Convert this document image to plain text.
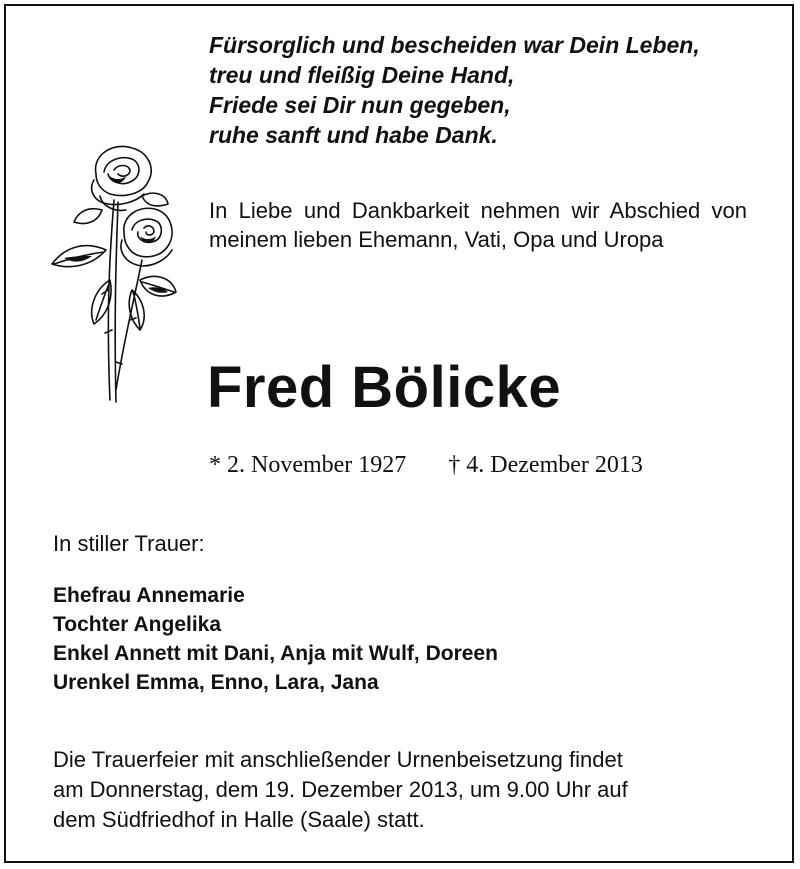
Fürsorglich und bescheiden war Dein Leben,
treu und fleißig Deine Hand,
Friede sei Dir nun gegeben,
ruhe sanft und habe Dank.

In Liebe und Dankbarkeit nehmen wir Abschied von meinem lieben Ehemann, Vati, Opa und Uropa

Fred Bölicke
* 2. November 1927 † 4. Dezember 2013
In stiller Trauer:
Ehefrau Annemarie
Tochter Angelika
Enkel Annett mit Dani, Anja mit Wulf, Doreen
Urenkel Emma, Enno, Lara, Jana

Die Trauerfeier mit anschließender Urnenbeisetzung findet
am Donnerstag, dem 19. Dezember 2013, um 9.00 Uhr auf
dem Südfriedhof in Halle (Saale) statt.
